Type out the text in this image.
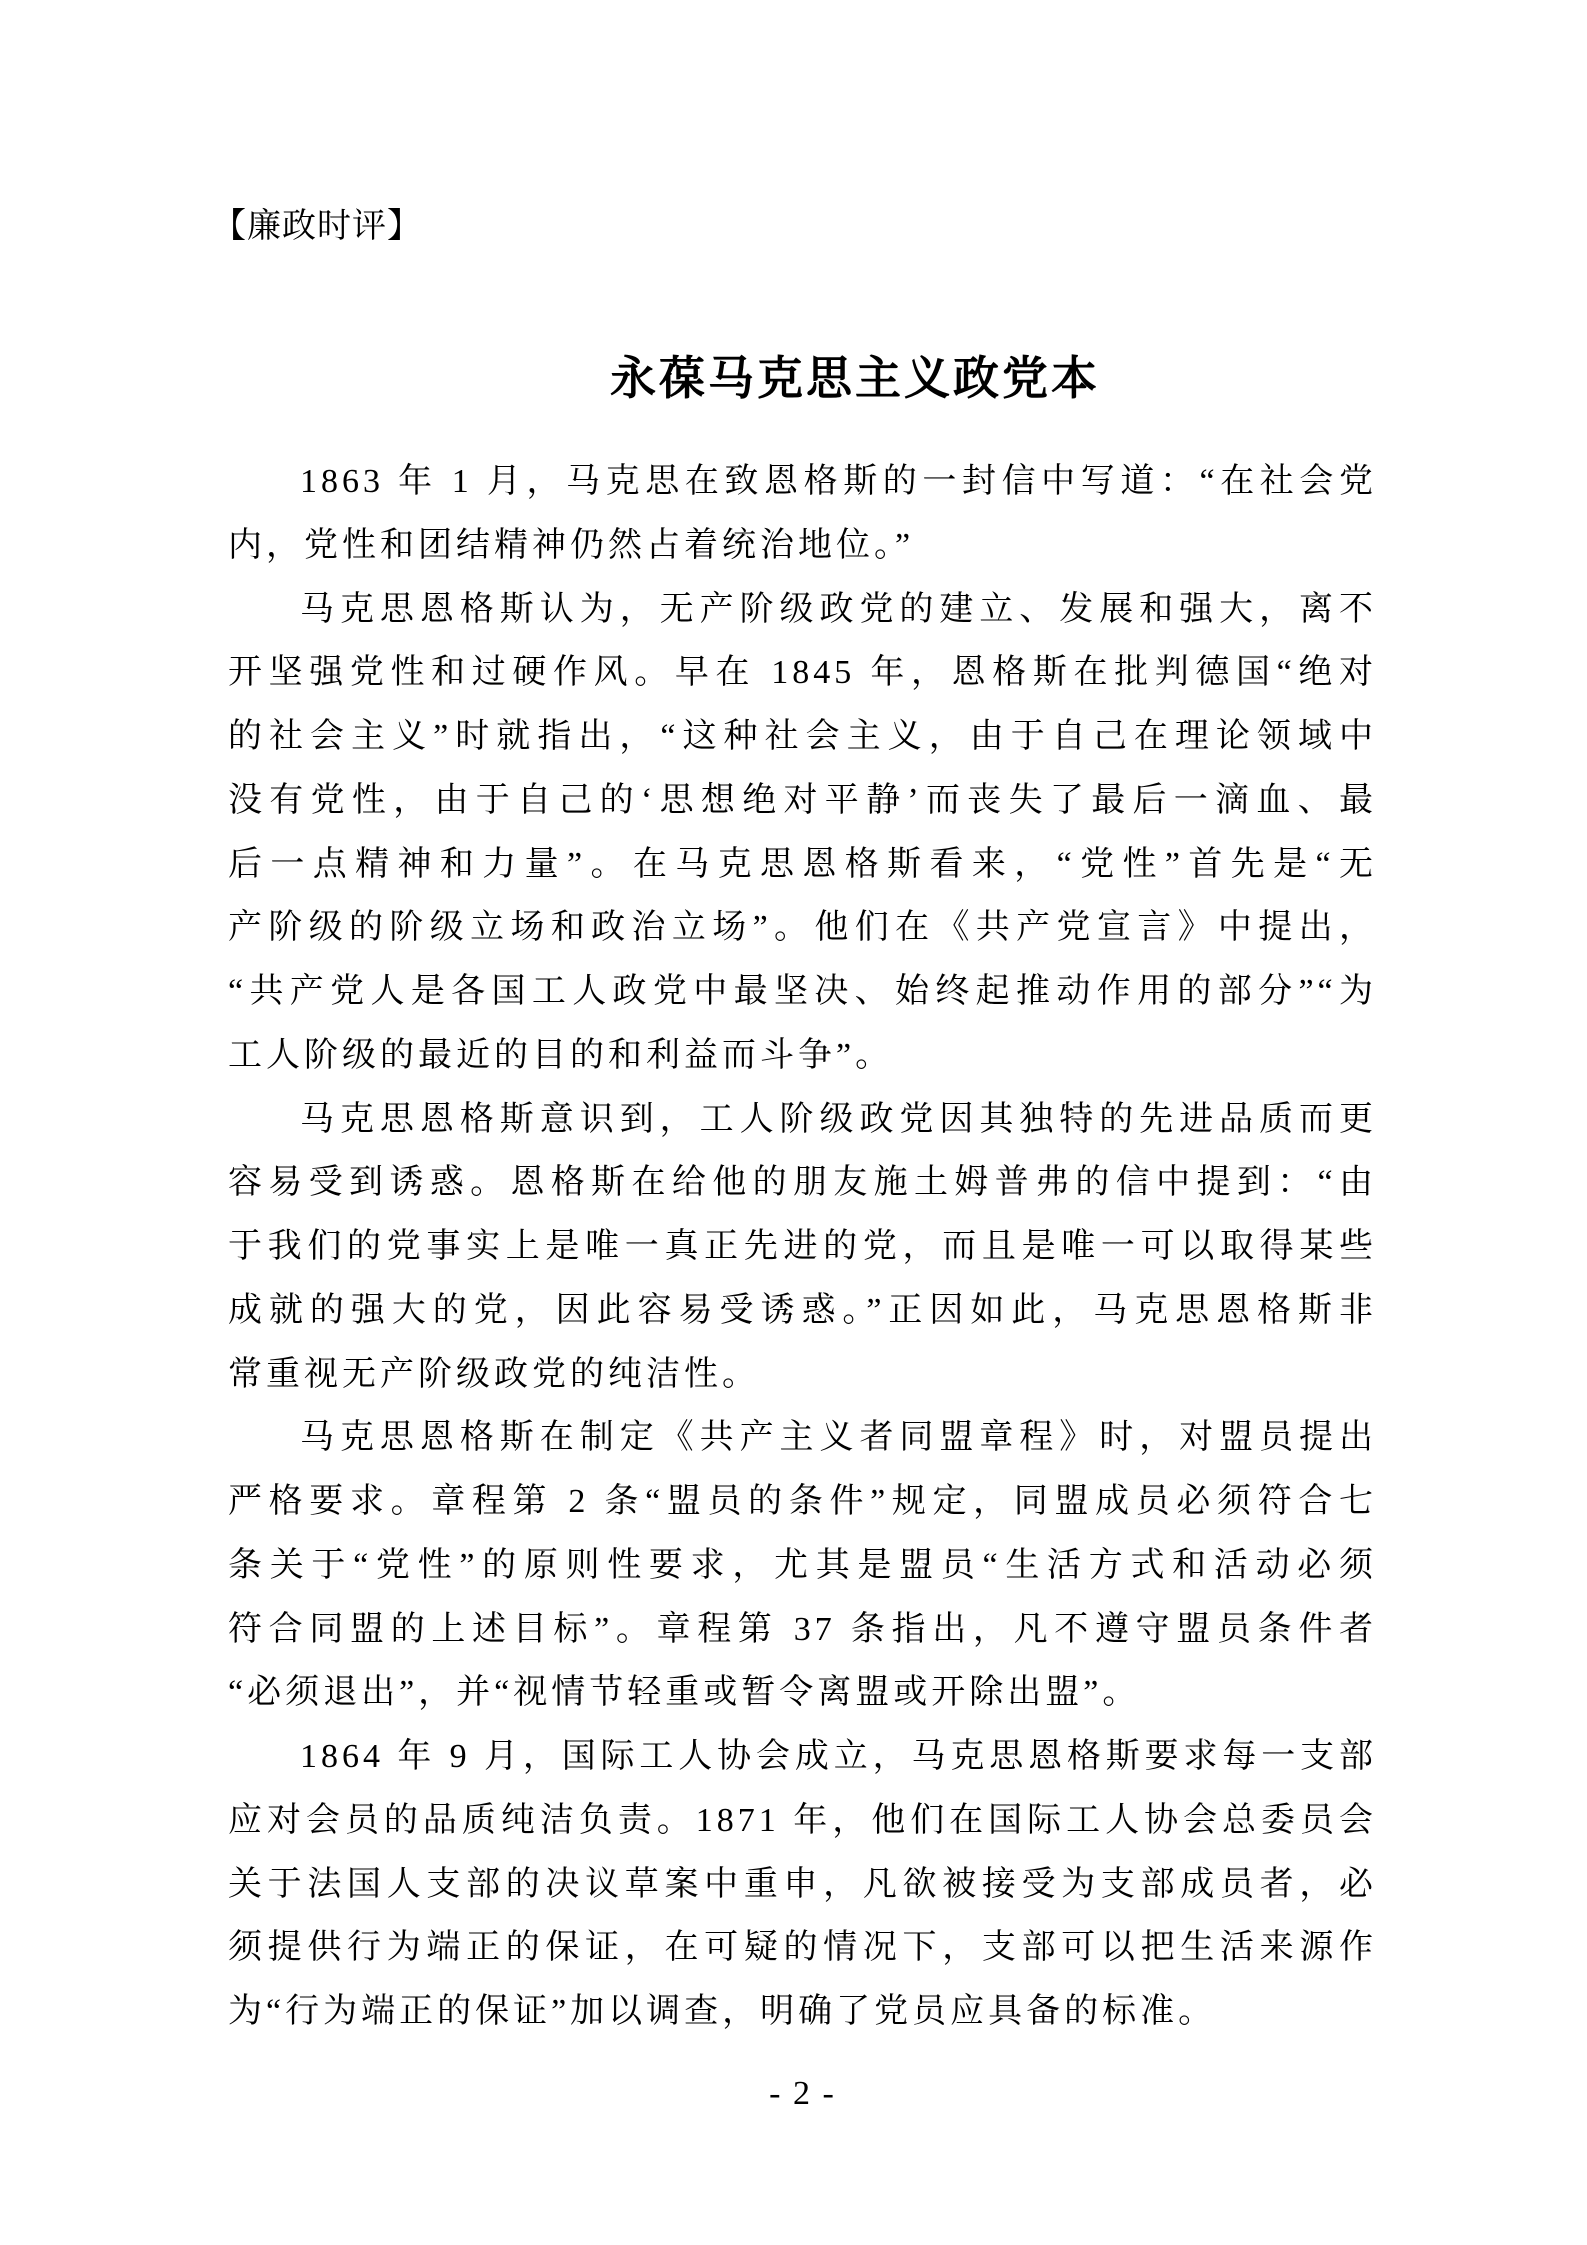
【廉政时评】
永葆马克思主义政党本
1863 年 1 月，马克思在致恩格斯的一封信中写道：“在社会党
内，党性和团结精神仍然占着统治地位。”
马克思恩格斯认为，无产阶级政党的建立、发展和强大，离不
开坚强党性和过硬作风。早在 1845 年，恩格斯在批判德国“绝对
的社会主义”时就指出，“这种社会主义，由于自己在理论领域中
没有党性，由于自己的‘思想绝对平静’而丧失了最后一滴血、最
后一点精神和力量”。在马克思恩格斯看来，“党性”首先是“无
产阶级的阶级立场和政治立场”。他们在《共产党宣言》中提出，
“共产党人是各国工人政党中最坚决、始终起推动作用的部分”“为
工人阶级的最近的目的和利益而斗争”。
马克思恩格斯意识到，工人阶级政党因其独特的先进品质而更
容易受到诱惑。恩格斯在给他的朋友施土姆普弗的信中提到：“由
于我们的党事实上是唯一真正先进的党，而且是唯一可以取得某些
成就的强大的党，因此容易受诱惑。”正因如此，马克思恩格斯非
常重视无产阶级政党的纯洁性。
马克思恩格斯在制定《共产主义者同盟章程》时，对盟员提出
严格要求。章程第 2 条“盟员的条件”规定，同盟成员必须符合七
条关于“党性”的原则性要求，尤其是盟员“生活方式和活动必须
符合同盟的上述目标”。章程第 37 条指出，凡不遵守盟员条件者
“必须退出”，并“视情节轻重或暂令离盟或开除出盟”。
1864 年 9 月，国际工人协会成立，马克思恩格斯要求每一支部
应对会员的品质纯洁负责。1871 年，他们在国际工人协会总委员会
关于法国人支部的决议草案中重申，凡欲被接受为支部成员者，必
须提供行为端正的保证，在可疑的情况下，支部可以把生活来源作
为“行为端正的保证”加以调查，明确了党员应具备的标准。
- 2 -
